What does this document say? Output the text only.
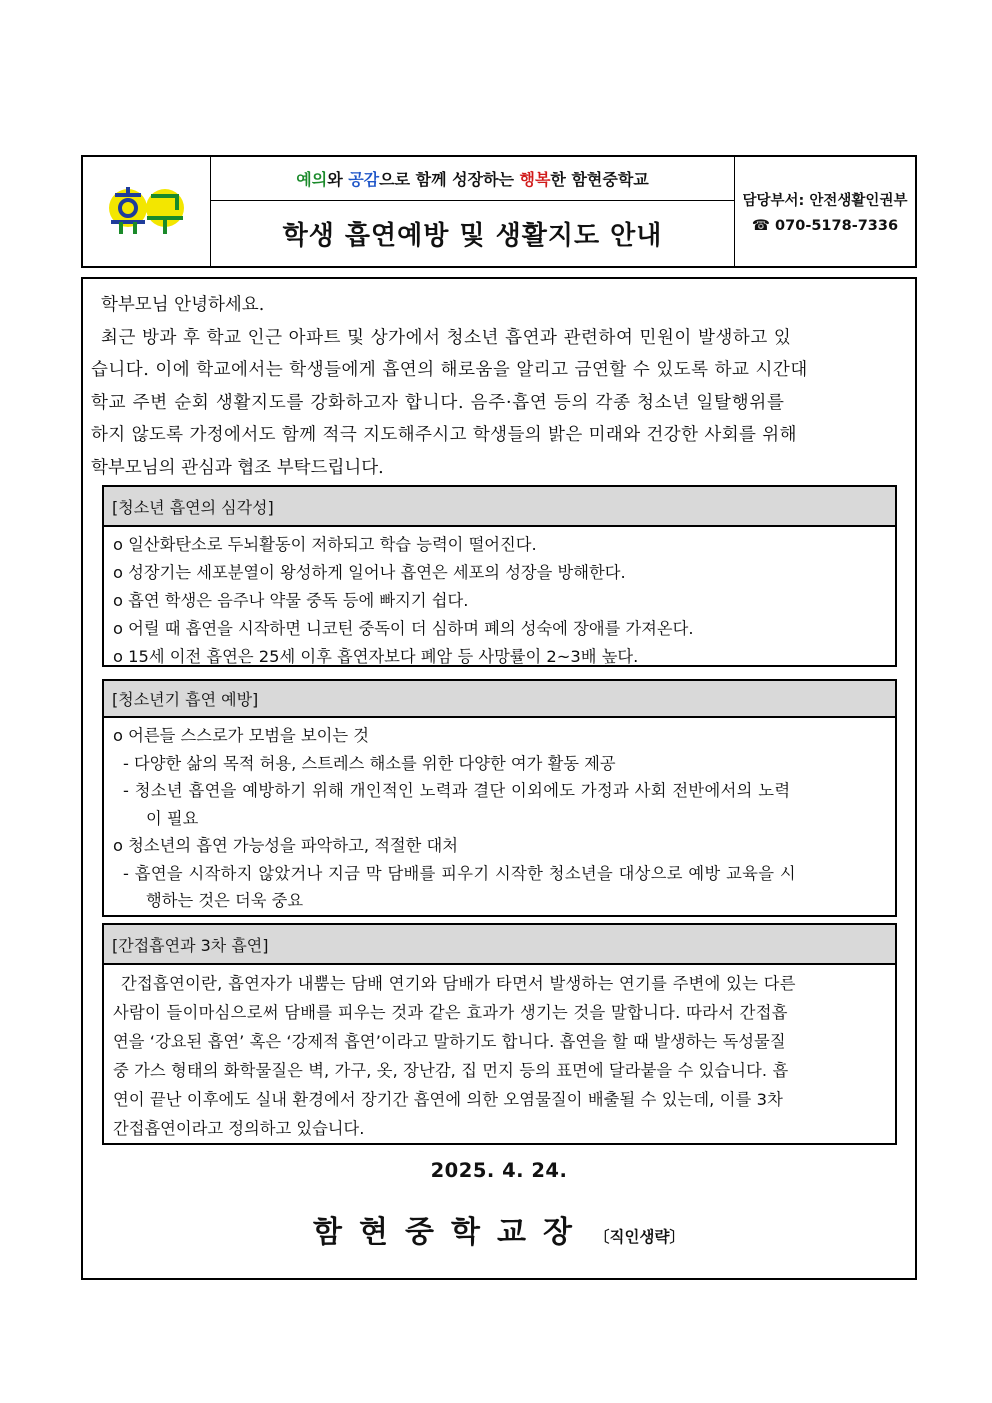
예의 와 공감 으로 함께 성장하는 행복 한 함현중학교
학생 흡연예방 및 생활지도 안내
담당부서: 안전생활인권부
☎ 070-5178-7336

학부모님 안녕하세요.

최근 방과 후 학교 인근 아파트 및 상가에서 청소년 흡연과 관련하여 민원이 발생하고 있

습니다. 이에 학교에서는 학생들에게 흡연의 해로움을 알리고 금연할 수 있도록 하교 시간대

학교 주변 순회 생활지도를 강화하고자 합니다. 음주·흡연 등의 각종 청소년 일탈행위를

하지 않도록 가정에서도 함께 적극 지도해주시고 학생들의 밝은 미래와 건강한 사회를 위해

학부모님의 관심과 협조 부탁드립니다.

[청소년 흡연의 심각성]
o 일산화탄소로 두뇌활동이 저하되고 학습 능력이 떨어진다.
o 성장기는 세포분열이 왕성하게 일어나 흡연은 세포의 성장을 방해한다.
o 흡연 학생은 음주나 약물 중독 등에 빠지기 쉽다.
o 어릴 때 흡연을 시작하면 니코틴 중독이 더 심하며 폐의 성숙에 장애를 가져온다.
o 15세 이전 흡연은 25세 이후 흡연자보다 폐암 등 사망률이 2~3배 높다.
[청소년기 흡연 예방]
o 어른들 스스로가 모범을 보이는 것
- 다양한 삶의 목적 허용, 스트레스 해소를 위한 다양한 여가 활동 제공
- 청소년 흡연을 예방하기 위해 개인적인 노력과 결단 이외에도 가정과 사회 전반에서의 노력
이 필요
o 청소년의 흡연 가능성을 파악하고, 적절한 대처
- 흡연을 시작하지 않았거나 지금 막 담배를 피우기 시작한 청소년을 대상으로 예방 교육을 시
행하는 것은 더욱 중요
[간접흡연과 3차 흡연]
간접흡연이란, 흡연자가 내뿜는 담배 연기와 담배가 타면서 발생하는 연기를 주변에 있는 다른
사람이 들이마심으로써 담배를 피우는 것과 같은 효과가 생기는 것을 말합니다. 따라서 간접흡
연을 ‘강요된 흡연’ 혹은 ‘강제적 흡연’이라고 말하기도 합니다. 흡연을 할 때 발생하는 독성물질
중 가스 형태의 화학물질은 벽, 가구, 옷, 장난감, 집 먼지 등의 표면에 달라붙을 수 있습니다. 흡
연이 끝난 이후에도 실내 환경에서 장기간 흡연에 의한 오염물질이 배출될 수 있는데, 이를 3차
간접흡연이라고 정의하고 있습니다.
2025. 4. 24.
함현중학교장 〔직인생략〕
